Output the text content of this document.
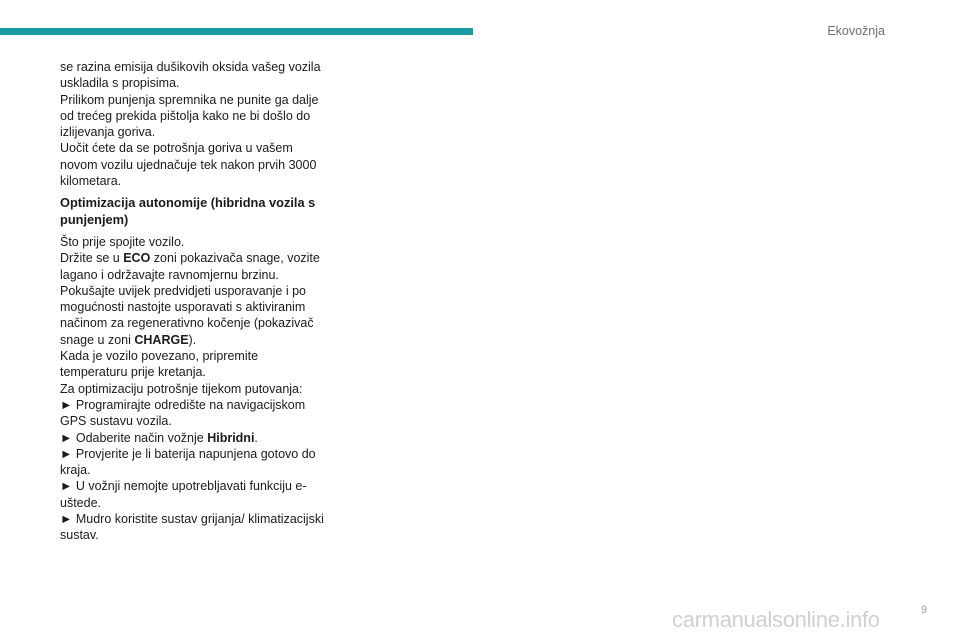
Ekovožnja

se razina emisija dušikovih oksida vašeg vozila uskladila s propisima.

Prilikom punjenja spremnika ne punite ga dalje od trećeg prekida pištolja kako ne bi došlo do izlijevanja goriva.

Uočit ćete da se potrošnja goriva u vašem novom vozilu ujednačuje tek nakon prvih 3000 kilometara.

Optimizacija autonomije (hibridna vozila s punjenjem)

Što prije spojite vozilo.

Držite se u ECO zoni pokazivača snage, vozite lagano i održavajte ravnomjernu brzinu.

Pokušajte uvijek predvidjeti usporavanje i po mogućnosti nastojte usporavati s aktiviranim načinom za regenerativno kočenje (pokazivač snage u zoni CHARGE).

Kada je vozilo povezano, pripremite temperaturu prije kretanja.

Za optimizaciju potrošnje tijekom putovanja:

► Programirajte odredište na navigacijskom GPS sustavu vozila.

► Odaberite način vožnje Hibridni.

► Provjerite je li baterija napunjena gotovo do kraja.

► U vožnji nemojte upotrebljavati funkciju e-uštede.

► Mudro koristite sustav grijanja/ klimatizacijski sustav.

9
carmanualsonline.info
